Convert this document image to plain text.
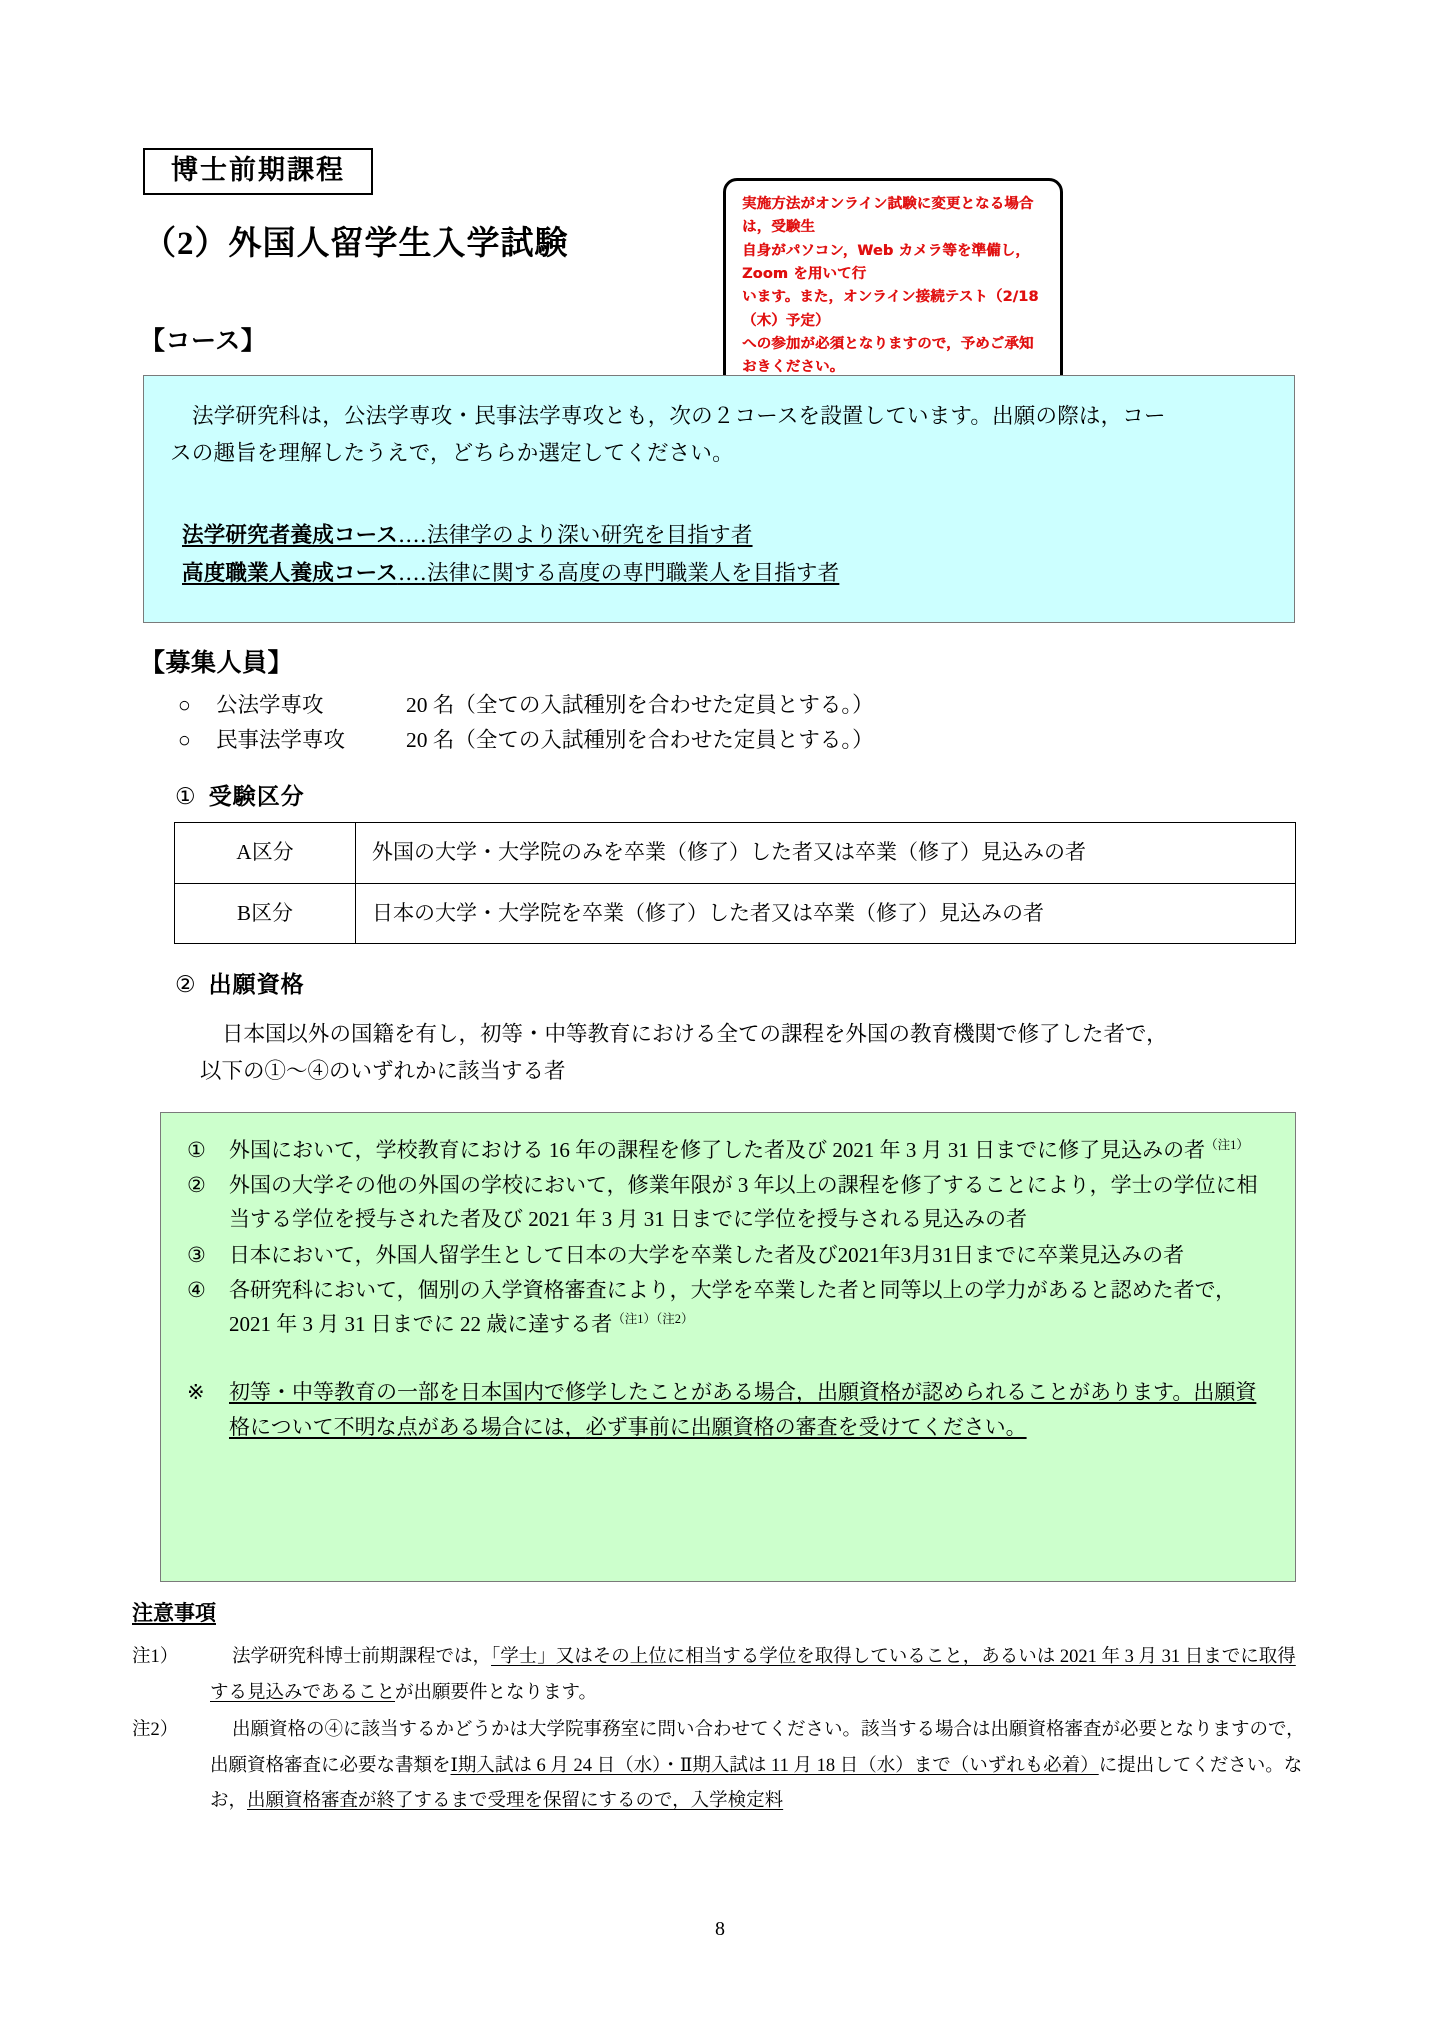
博士前期課程
（2）外国人留学生入学試験

実施方法がオンライン試験に変更となる場合は，受験生

自身がパソコン，Web カメラ等を準備し，Zoom を用いて行

います。また，オンライン接続テスト（2/18（木）予定）

への参加が必須となりますので，予めご承知おきください。

【コース】

法学研究科は，公法学専攻・民事法学専攻とも，次の２コースを設置しています。出願の際は，コー

スの趣旨を理解したうえで，どちらか選定してください。

法学研究者養成コース‥‥法律学のより深い研究を目指す者
高度職業人養成コース‥‥法律に関する高度の専門職業人を目指す者
【募集人員】
○	公法学専攻	20 名（全ての入試種別を合わせた定員とする。）
○	民事法学専攻	20 名（全ての入試種別を合わせた定員とする。）
① 受験区分
A区分	外国の大学・大学院のみを卒業（修了）した者又は卒業（修了）見込みの者
B区分	日本の大学・大学院を卒業（修了）した者又は卒業（修了）見込みの者
② 出願資格
日本国以外の国籍を有し，初等・中等教育における全ての課程を外国の教育機関で修了した者で，
以下の①～④のいずれかに該当する者
①	外国において，学校教育における 16 年の課程を修了した者及び 2021 年 3 月 31 日までに修了見込みの者$^{(注1)}$
②	外国の大学その他の外国の学校において，修業年限が 3 年以上の課程を修了することにより，学士の学位に相当する学位を授与された者及び 2021 年 3 月 31 日までに学位を授与される見込みの者
③	日本において，外国人留学生として日本の大学を卒業した者及び2021年3月31日までに卒業見込みの者
④	各研究科において，個別の入学資格審査により，大学を卒業した者と同等以上の学力があると認めた者で，2021 年 3 月 31 日までに 22 歳に達する者$^{(注1)(注2)}$
※	初等・中等教育の一部を日本国内で修学したことがある場合，出願資格が認められることがあります。出願資格について不明な点がある場合には，必ず事前に出願資格の審査を受けてください。
注意事項
注1）	法学研究科博士前期課程では，「学士」又はその上位に相当する学位を取得していること，あるいは 2021 年 3 月 31 日までに取得する見込みであることが出願要件となります。
注2）	出願資格の④に該当するかどうかは大学院事務室に問い合わせてください。該当する場合は出願資格審査が必要となりますので，出願資格審査に必要な書類をⅠ期入試は 6 月 24 日（水）・Ⅱ期入試は 11 月 18 日（水）まで（いずれも必着）に提出してください。なお，出願資格審査が終了するまで受理を保留にするので，入学検定料
8
